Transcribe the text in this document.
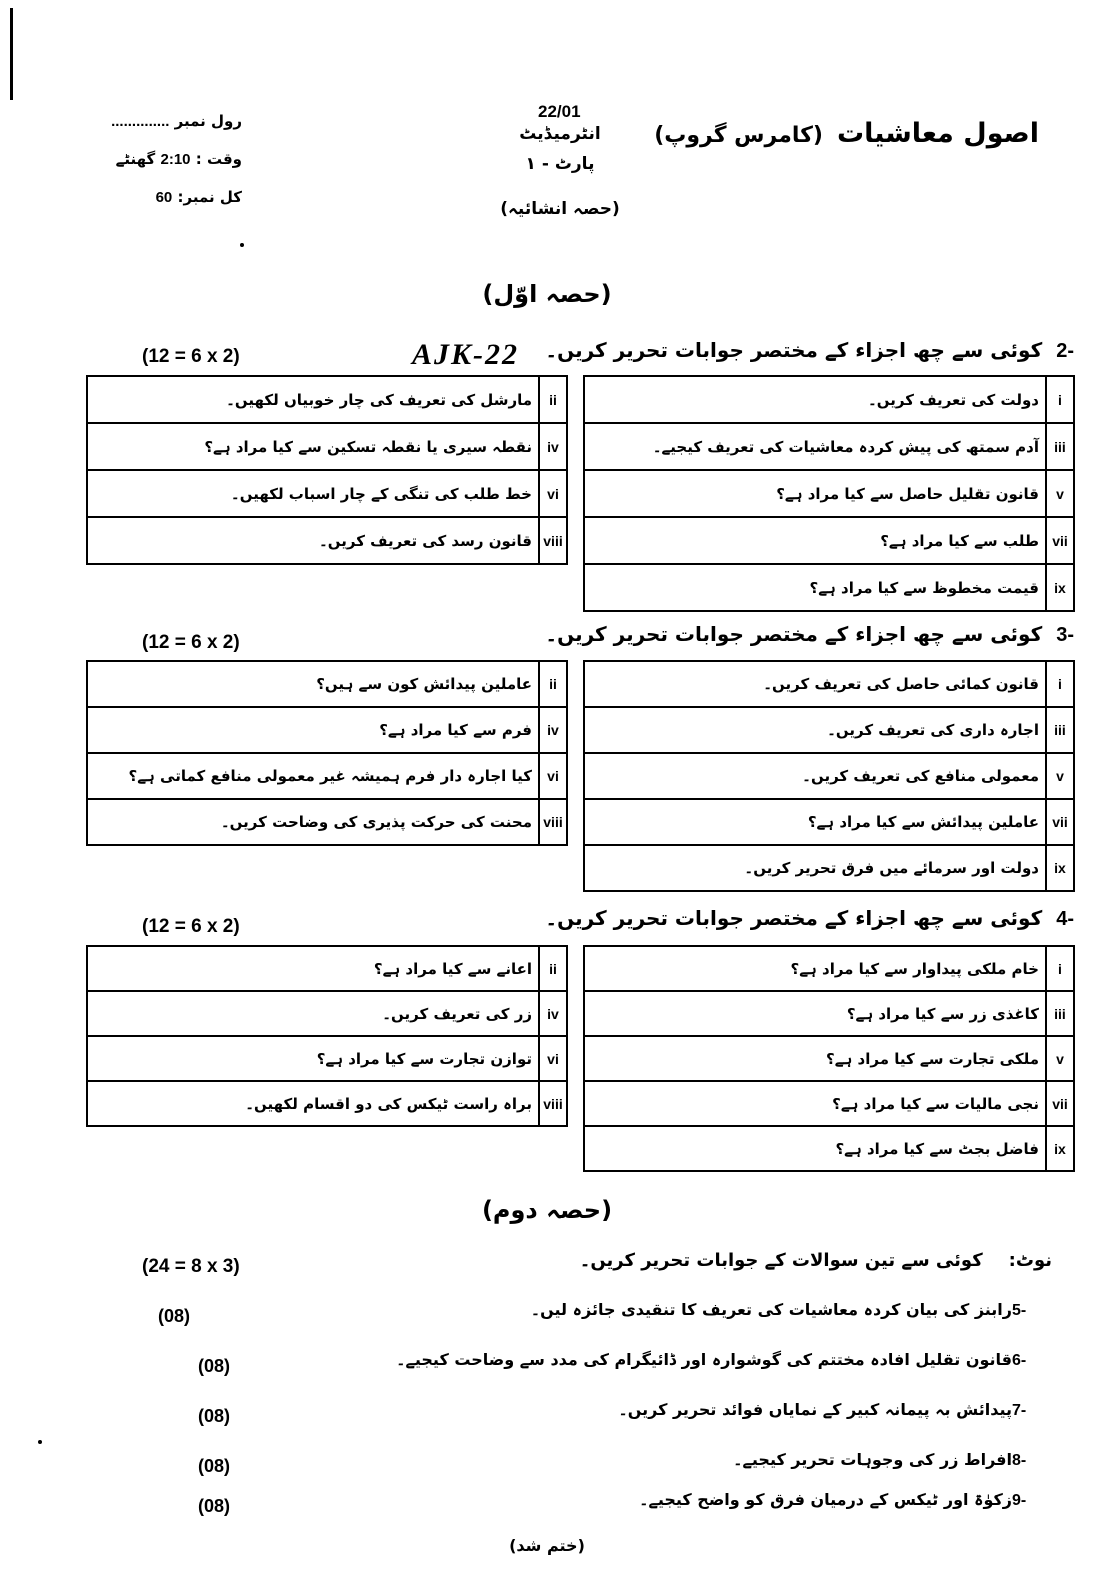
اصول معاشیات(کامرس گروپ)
22/01
انٹرمیڈیٹ
پارٹ - ۱
(حصہ انشائیہ)
رول نمبر ..............
وقت : 2:10 گھنٹے
کل نمبر: 60
(حصہ اوّل)
AJK-22	-2کوئی سے چھ اجزاء کے مختصر جوابات تحریر کریں۔
(12 = 6 x 2)
دولت کی تعریف کریں۔	i
آدم سمتھ کی پیش کردہ معاشیات کی تعریف کیجیے۔	iii
قانون تقلیل حاصل سے کیا مراد ہے؟	v
طلب سے کیا مراد ہے؟	vii
قیمت مخطوظ سے کیا مراد ہے؟	ix
مارشل کی تعریف کی چار خوبیاں لکھیں۔	ii
نقطہ سیری یا نقطہ تسکین سے کیا مراد ہے؟	iv
خط طلب کی تنگی کے چار اسباب لکھیں۔	vi
قانون رسد کی تعریف کریں۔	viii
-3کوئی سے چھ اجزاء کے مختصر جوابات تحریر کریں۔
(12 = 6 x 2)
قانون کمائی حاصل کی تعریف کریں۔	i
اجارہ داری کی تعریف کریں۔	iii
معمولی منافع کی تعریف کریں۔	v
عاملین پیدائش سے کیا مراد ہے؟	vii
دولت اور سرمائے میں فرق تحریر کریں۔	ix
عاملین پیدائش کون سے ہیں؟	ii
فرم سے کیا مراد ہے؟	iv
کیا اجارہ دار فرم ہمیشہ غیر معمولی منافع کماتی ہے؟	vi
محنت کی حرکت پذیری کی وضاحت کریں۔	viii
-4کوئی سے چھ اجزاء کے مختصر جوابات تحریر کریں۔
(12 = 6 x 2)
خام ملکی پیداوار سے کیا مراد ہے؟	i
کاغذی زر سے کیا مراد ہے؟	iii
ملکی تجارت سے کیا مراد ہے؟	v
نجی مالیات سے کیا مراد ہے؟	vii
فاضل بجٹ سے کیا مراد ہے؟	ix
اعانے سے کیا مراد ہے؟	ii
زر کی تعریف کریں۔	iv
توازن تجارت سے کیا مراد ہے؟	vi
براہ راست ٹیکس کی دو اقسام لکھیں۔	viii
(حصہ دوم)
نوٹ:کوئی سے تین سوالات کے جوابات تحریر کریں۔
(24 = 8 x 3)
-5رابنز کی بیان کردہ معاشیات کی تعریف کا تنقیدی جائزہ لیں۔
(08)
-6قانون تقلیل افادہ مختتم کی گوشوارہ اور ڈائیگرام کی مدد سے وضاحت کیجیے۔
(08)
-7پیدائش بہ پیمانہ کبیر کے نمایاں فوائد تحریر کریں۔
(08)
-8افراط زر کی وجوہات تحریر کیجیے۔
(08)
-9زکوٰۃ اور ٹیکس کے درمیان فرق کو واضح کیجیے۔
(08)
(ختم شد)
